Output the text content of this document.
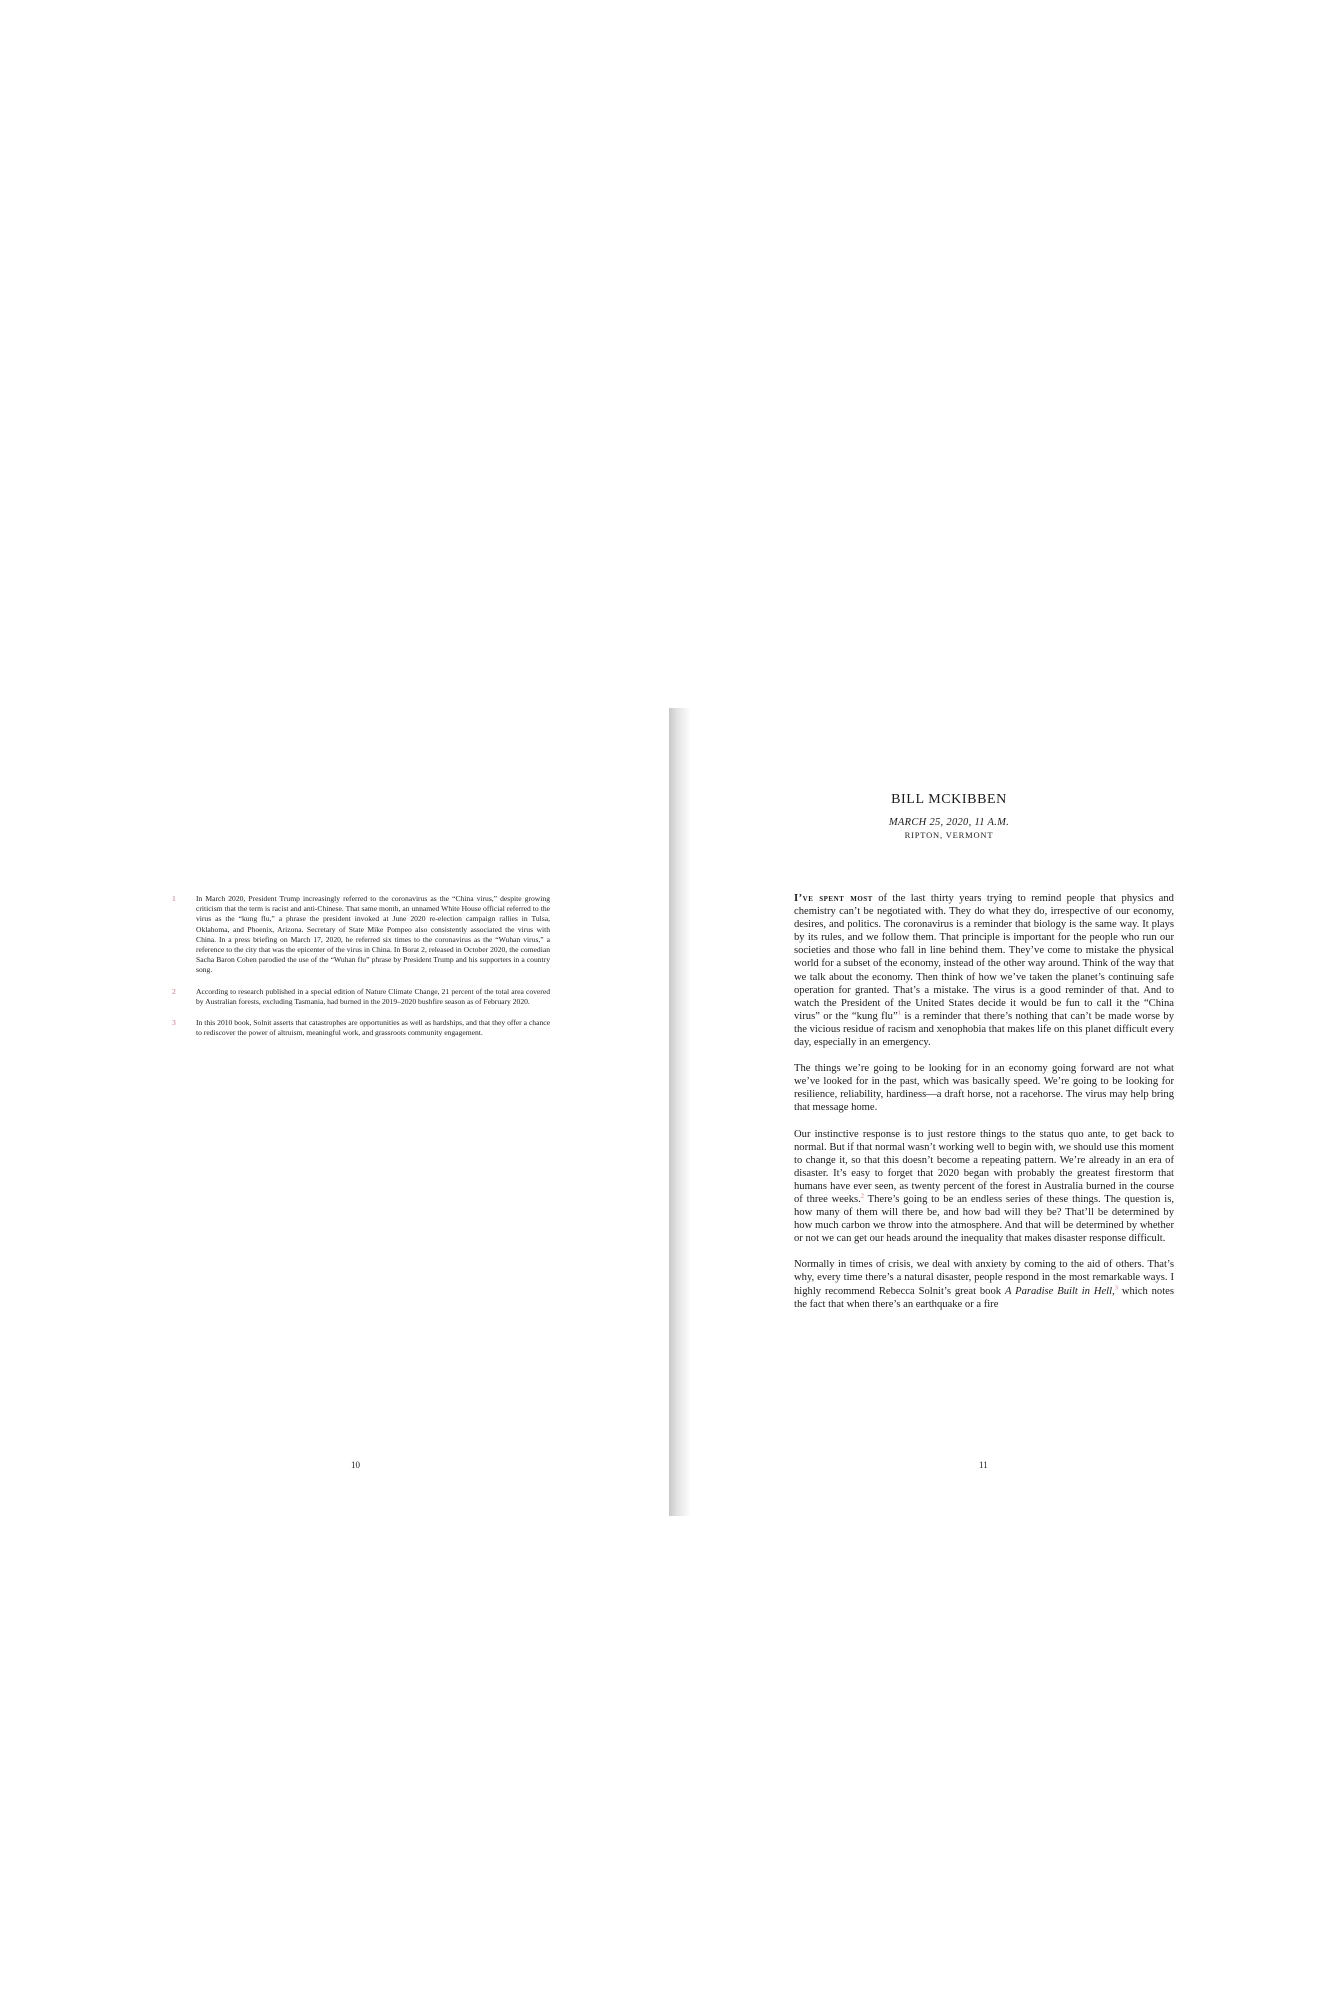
1	In March 2020, President Trump increasingly referred to the coronavirus as the “China virus,” despite growing criticism that the term is racist and anti-Chinese. That same month, an unnamed White House official referred to the virus as the “kung flu,” a phrase the president invoked at June 2020 re-election campaign rallies in Tulsa, Oklahoma, and Phoenix, Arizona. Secretary of State Mike Pompeo also consistently associated the virus with China. In a press briefing on March 17, 2020, he referred six times to the coronavirus as the “Wuhan virus,” a reference to the city that was the epicenter of the virus in China. In Borat 2, released in October 2020, the comedian Sacha Baron Cohen parodied the use of the “Wuhan flu” phrase by President Trump and his supporters in a country song.
2	According to research published in a special edition of Nature Climate Change, 21 percent of the total area covered by Australian forests, excluding Tasmania, had burned in the 2019–2020 bushfire season as of February 2020.
3	In this 2010 book, Solnit asserts that catastrophes are opportunities as well as hardships, and that they offer a chance to rediscover the power of altruism, meaningful work, and grassroots community engagement.
10
BILL MCKIBBEN
MARCH 25, 2020, 11 A.M.
RIPTON, VERMONT

I’ve spent most of the last thirty years trying to remind people that physics and chemistry can’t be negotiated with. They do what they do, irrespective of our economy, desires, and politics. The coronavirus is a reminder that biology is the same way. It plays by its rules, and we follow them. That principle is important for the people who run our societies and those who fall in line behind them. They’ve come to mistake the physical world for a subset of the economy, instead of the other way around. Think of the way that we talk about the economy. Then think of how we’ve taken the planet’s continuing safe operation for granted. That’s a mistake. The virus is a good reminder of that. And to watch the President of the United States decide it would be fun to call it the “China virus” or the “kung flu”$^1$ is a reminder that there’s nothing that can’t be made worse by the vicious residue of racism and xenophobia that makes life on this planet difficult every day, especially in an emergency.

The things we’re going to be looking for in an economy going forward are not what we’ve looked for in the past, which was basically speed. We’re going to be looking for resilience, reliability, hardiness—a draft horse, not a racehorse. The virus may help bring that message home.

Our instinctive response is to just restore things to the status quo ante, to get back to normal. But if that normal wasn’t working well to begin with, we should use this moment to change it, so that this doesn’t become a repeating pattern. We’re already in an era of disaster. It’s easy to forget that 2020 began with probably the greatest firestorm that humans have ever seen, as twenty percent of the forest in Australia burned in the course of three weeks.$^2$ There’s going to be an endless series of these things. The question is, how many of them will there be, and how bad will they be? That’ll be determined by how much carbon we throw into the atmosphere. And that will be determined by whether or not we can get our heads around the inequality that makes disaster response difficult.

Normally in times of crisis, we deal with anxiety by coming to the aid of others. That’s why, every time there’s a natural disaster, people respond in the most remarkable ways. I highly recommend Rebecca Solnit’s great book A Paradise Built in Hell,$^3$ which notes the fact that when there’s an earthquake or a fire

11
